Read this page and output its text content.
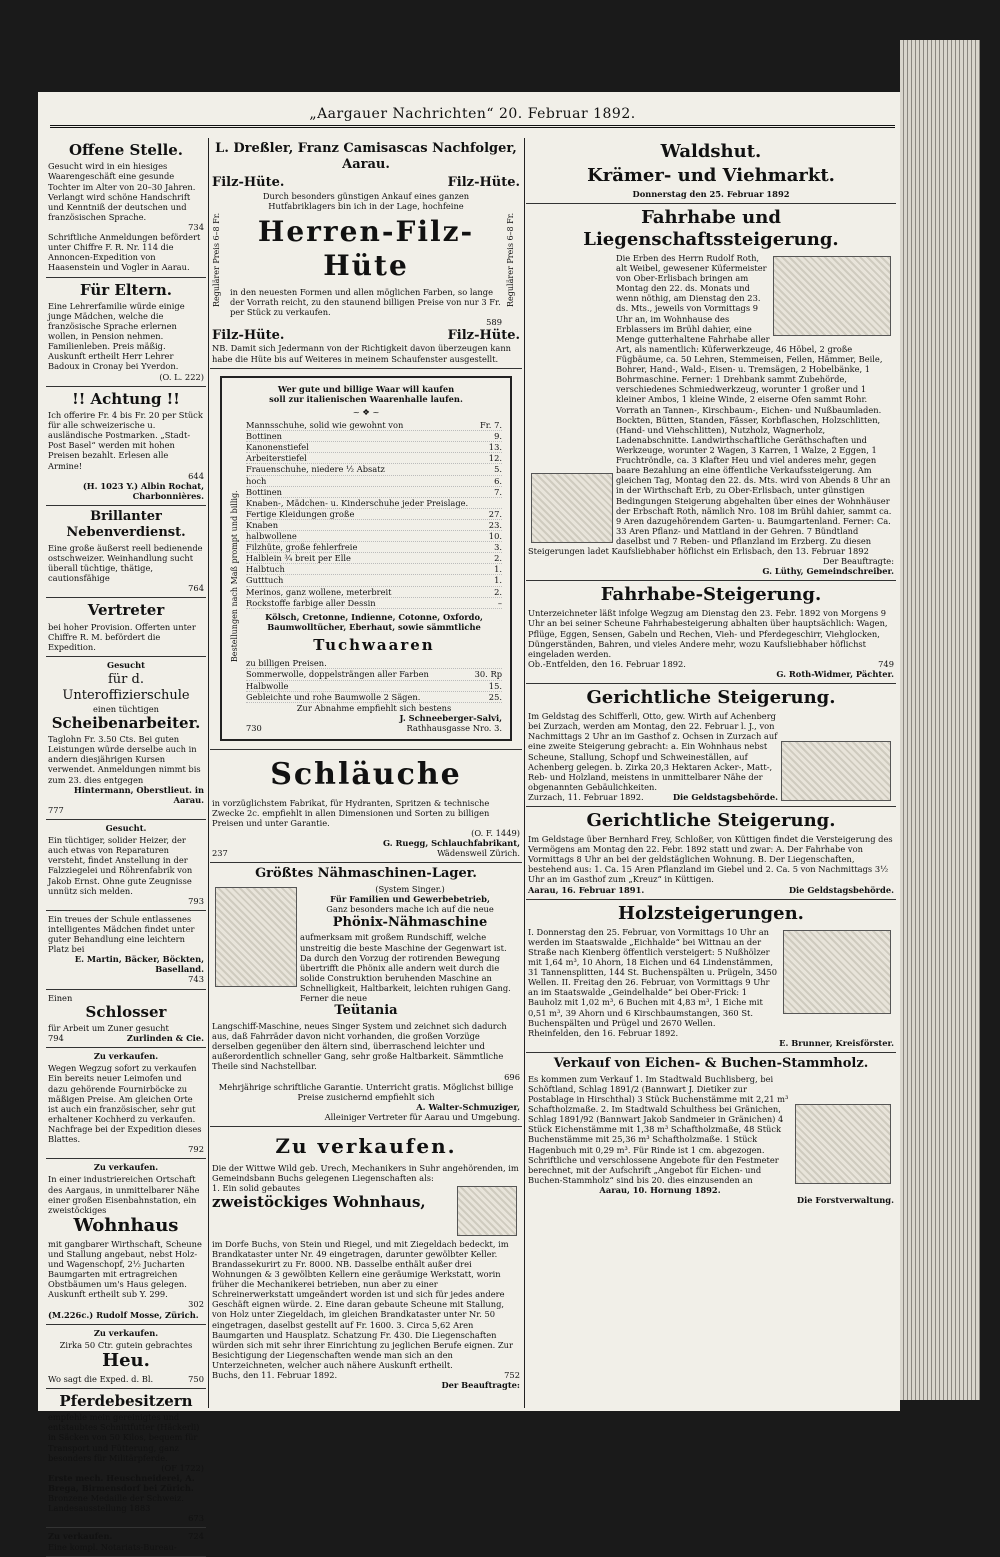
„Aargauer Nachrichten“ 20. Februar 1892.
Offene Stelle.
Gesucht wird in ein hiesiges Waarengeschäft eine gesunde Tochter im Alter von 20–30 Jahren. Verlangt wird schöne Handschrift und Kenntniß der deutschen und französischen Sprache.
734
Schriftliche Anmeldungen befördert unter Chiffre F. R. Nr. 114 die Annoncen-Expedition von Haasenstein und Vogler in Aarau.
Für Eltern.
Eine Lehrerfamilie würde einige junge Mädchen, welche die französische Sprache erlernen wollen, in Pension nehmen. Familienleben. Preis mäßig. Auskunft ertheilt Herr Lehrer Badoux in Cronay bei Yverdon.
(O. L. 222)
!! Achtung !!
Ich offerire Fr. 4 bis Fr. 20 per Stück für alle schweizerische u. ausländische Postmarken. „Stadt-Post Basel“ werden mit hohen Preisen bezahlt. Erlesen alle Armine!
644
(H. 1023 Y.) Albin Rochat, Charbonnières.
Brillanter Nebenverdienst.
Eine große äußerst reell bedienende ostschweizer. Weinhandlung sucht überall tüchtige, thätige, cautionsfähige
764
Vertreter
bei hoher Provision. Offerten unter Chiffre R. M. befördert die Expedition.
Gesucht
für d. Unteroffizierschule
einen tüchtigen
Scheibenarbeiter.
Taglohn Fr. 3.50 Cts. Bei guten Leistungen würde derselbe auch in andern diesjährigen Kursen verwendet. Anmeldungen nimmt bis zum 23. dies entgegen
Hintermann, Oberstlieut. in Aarau.
777
Gesucht.
Ein tüchtiger, solider Heizer, der auch etwas von Reparaturen versteht, findet Anstellung in der Falzziegelei und Röhrenfabrik von Jakob Ernst. Ohne gute Zeugnisse unnütz sich melden.
793
Ein treues der Schule entlassenes intelligentes Mädchen findet unter guter Behandlung eine leichtern Platz bei
E. Martin, Bäcker, Böckten, Baselland.
743
Einen
Schlosser
für Arbeit um Zuner gesucht
794	Zurlinden & Cie.
Zu verkaufen.
Wegen Wegzug sofort zu verkaufen Ein bereits neuer Leimofen und dazu gehörende Fournirböcke zu mäßigen Preise. Am gleichen Orte ist auch ein französischer, sehr gut erhaltener Kochherd zu verkaufen. Nachfrage bei der Expedition dieses Blattes.
792
Zu verkaufen.
In einer industriereichen Ortschaft des Aargaus, in unmittelbarer Nähe einer großen Eisenbahnstation, ein zweistöckiges
Wohnhaus
mit gangbarer Wirthschaft, Scheune und Stallung angebaut, nebst Holz- und Wagenschopf, 2½ Jucharten Baumgarten mit ertragreichen Obstbäumen um's Haus gelegen. Auskunft ertheilt sub Y. 299.
302
(M.226c.) Rudolf Mosse, Zürich.
Zu verkaufen.
Zirka 50 Ctr. gutein gebrachtes
Heu.
Wo sagt die Exped. d. Bl.	750
Pferdebesitzern
empfehle mein gereinigtes und entstaubtes Schnittfutter (Häckerli) in Säcken von 50 Kilos, bequem für Transport und Fütterung, ganz besonders für Militärpferde.
(OF 1722)
Erste mech. Heuschneiderei, A. Brega, Birmensdorf bei Zürich.
Bronzene Medaille der Schweiz. Landesausstellung 1883
673
Zu verkaufen.	724
Eine kompl. Notariats-Bureau-
L. Dreßler, Franz Camisascas Nachfolger, Aarau.
Filz-Hüte.	Filz-Hüte.
Regulärer Preis 6–8 Fr.
Durch besonders günstigen Ankauf eines ganzen Hutfabriklagers bin ich in der Lage, hochfeine
Herren-Filz-Hüte
in den neuesten Formen und allen möglichen Farben, so lange der Vorrath reicht, zu den staunend billigen Preise von nur 3 Fr. per Stück zu verkaufen.
589
Regulärer Preis 6–8 Fr.
Filz-Hüte.	Filz-Hüte.
NB. Damit sich Jedermann von der Richtigkeit davon überzeugen kann habe die Hüte bis auf Weiteres in meinem Schaufenster ausgestellt.
Wer gute und billige Waar will kaufen
soll zur italienischen Waarenhalle laufen.
~ ❖ ~
Bestellungen nach Maß prompt und billig.
Mannsschuhe, solid wie gewohnt von	Fr. 7.
Bottinen	9.
Kanonenstiefel	13.
Arbeiterstiefel	12.
Frauenschuhe, niedere ½ Absatz	5.
hoch	6.
Bottinen	7.
Knaben-, Mädchen- u. Kinderschuhe jeder Preislage.
Fertige Kleidungen große	27.
Knaben	23.
halbwollene	10.
Filzhüte, große fehlerfreie	3.
Halblein ¾ breit per Elle	2.
Halbtuch	1.
Gutttuch	1.
Merinos, ganz wollene, meterbreit	2.
Rockstoffe farbige aller Dessin	–
Kölsch, Cretonne, Indienne, Cotonne, Oxfordo, Baumwolltücher, Eberhaut, sowie sämmtliche
Tuchwaaren
zu billigen Preisen.
Sommerwolle, doppelsträngen aller Farben	30. Rp
Halbwolle	15.
Gebleichte und rohe Baumwolle 2 Sägen.	25.
Zur Abnahme empfiehlt sich bestens
J. Schneeberger-Salvi,
730	Rathhausgasse Nro. 3.
Schläuche
in vorzüglichstem Fabrikat, für Hydranten, Spritzen & technische Zwecke 2c. empfiehlt in allen Dimensionen und Sorten zu billigen Preisen und unter Garantie.
(O. F. 1449)
G. Ruegg, Schlauchfabrikant,
237	Wädensweil Zürich.
Größtes Nähmaschinen-Lager.
(System Singer.)
Für Familien und Gewerbebetrieb,
Ganz besonders mache ich auf die neue
Phönix-Nähmaschine
aufmerksam mit großem Rundschiff, welche unstreitig die beste Maschine der Gegenwart ist. Da durch den Vorzug der rotirenden Bewegung übertrifft die Phönix alle andern weit durch die solide Construktion beruhenden Maschine an Schnelligkeit, Haltbarkeit, leichten ruhigen Gang. Ferner die neue
Teütania
Langschiff-Maschine, neues Singer System und zeichnet sich dadurch aus, daß Fahrräder davon nicht vorhanden, die großen Vorzüge derselben gegenüber den ältern sind, überraschend leichter und außerordentlich schneller Gang, sehr große Haltbarkeit. Sämmtliche Theile sind Nachstellbar.
696
Mehrjährige schriftliche Garantie. Unterricht gratis. Möglichst billige Preise zusichernd empfiehlt sich
A. Walter-Schmuziger,
Alleiniger Vertreter für Aarau und Umgebung.
Zu verkaufen.
Die der Wittwe Wild geb. Urech, Mechanikers in Suhr angehörenden, im Gemeindsbann Buchs gelegenen Liegenschaften als:
1. Ein solid gebautes
zweistöckiges Wohnhaus,
im Dorfe Buchs, von Stein und Riegel, und mit Ziegeldach bedeckt, im Brandkataster unter Nr. 49 eingetragen, darunter gewölbter Keller. Brandassekurirt zu Fr. 8000. NB. Dasselbe enthält außer drei Wohnungen & 3 gewölbten Kellern eine geräumige Werkstatt, worin früher die Mechanikerei betrieben, nun aber zu einer Schreinerwerkstatt umgeändert worden ist und sich für jedes andere Geschäft eignen würde. 2. Eine daran gebaute Scheune mit Stallung, von Holz unter Ziegeldach, im gleichen Brandkataster unter Nr. 50 eingetragen, daselbst gestellt auf Fr. 1600. 3. Circa 5,62 Aren Baumgarten und Hausplatz. Schatzung Fr. 430. Die Liegenschaften würden sich mit sehr ihrer Einrichtung zu jeglichen Berufe eignen. Zur Besichtigung der Liegenschaften wende man sich an den Unterzeichneten, welcher auch nähere Auskunft ertheilt.
Buchs, den 11. Februar 1892.	752
Der Beauftragte:
Waldshut.
Krämer- und Viehmarkt.
Donnerstag den 25. Februar 1892
Fahrhabe und Liegenschaftssteigerung.
Die Erben des Herrn Rudolf Roth, alt Weibel, gewesener Küfermeister von Ober-Erlisbach bringen am Montag den 22. ds. Monats und wenn nöthig, am Dienstag den 23. ds. Mts., jeweils von Vormittags 9 Uhr an, im Wohnhause des Erblassers im Brühl dahier, eine Menge gutterhaltene Fahrhabe aller Art, als namentlich: Küferwerkzeuge, 46 Höbel, 2 große Fügbäume, ca. 50 Lehren, Stemmeisen, Feilen, Hämmer, Beile, Bohrer, Hand-, Wald-, Eisen- u. Tremsägen, 2 Hobelbänke, 1 Bohrmaschine. Ferner: 1 Drehbank sammt Zubehörde, verschiedenes Schmiedwerkzeug, worunter 1 großer und 1 kleiner Ambos, 1 kleine Winde, 2 eiserne Ofen sammt Rohr. Vorrath an Tannen-, Kirschbaum-, Eichen- und Nußbaumladen. Bockten, Bütten, Standen, Fässer, Korbflaschen, Holzschlitten, (Hand- und Viehschlitten), Nutzholz, Wagnerholz, Ladenabschnitte. Landwirthschaftliche Geräthschaften und Werkzeuge, worunter 2 Wagen, 3 Karren, 1 Walze, 2 Eggen, 1 Fruchtröndle, ca. 3 Klafter Heu und viel anderes mehr, gegen baare Bezahlung an eine öffentliche Verkaufssteigerung. Am gleichen Tag, Montag den 22. ds. Mts. wird von Abends 8 Uhr an in der Wirthschaft Erb, zu Ober-Erlisbach, unter günstigen Bedingungen Steigerung abgehalten über eines der Wohnhäuser der Erbschaft Roth, nämlich Nro. 108 im Brühl dahier, sammt ca. 9 Aren dazugehörendem Garten- u. Baumgartenland. Ferner: Ca. 33 Aren Pflanz- und Mattland in der Gehren. 7 Bündtland daselbst und 7 Reben- und Pflanzland im Erzberg. Zu diesen Steigerungen ladet Kaufsliebhaber höflichst ein Erlisbach, den 13. Februar 1892
Der Beauftragte:
G. Lüthy, Gemeindschreiber.
Fahrhabe-Steigerung.
Unterzeichneter läßt infolge Wegzug am Dienstag den 23. Febr. 1892 von Morgens 9 Uhr an bei seiner Scheune Fahrhabesteigerung abhalten über hauptsächlich: Wagen, Pflüge, Eggen, Sensen, Gabeln und Rechen, Vieh- und Pferdegeschirr, Viehglocken, Düngerständen, Bahren, und vieles Andere mehr, wozu Kaufsliebhaber höflichst eingeladen werden.
Ob.-Entfelden, den 16. Februar 1892.	749
G. Roth-Widmer, Pächter.
Gerichtliche Steigerung.
Im Geldstag des Schifferli, Otto, gew. Wirth auf Achenberg bei Zurzach, werden am Montag, den 22. Februar l. J., von Nachmittags 2 Uhr an im Gasthof z. Ochsen in Zurzach auf eine zweite Steigerung gebracht: a. Ein Wohnhaus nebst Scheune, Stallung, Schopf und Schweineställen, auf Achenberg gelegen. b. Zirka 20,3 Hektaren Acker-, Matt-, Reb- und Holzland, meistens in unmittelbarer Nähe der obgenannten Gebäulichkeiten.
Zurzach, 11. Februar 1892.	Die Geldstagsbehörde.
Gerichtliche Steigerung.
Im Geldstage über Bernhard Frey, Schloßer, von Küttigen findet die Versteigerung des Vermögens am Montag den 22. Febr. 1892 statt und zwar: A. Der Fahrhabe von Vormittags 8 Uhr an bei der geldstäglichen Wohnung. B. Der Liegenschaften, bestehend aus: 1. Ca. 15 Aren Pflanzland im Giebel und 2. Ca. 5 von Nachmittags 3½ Uhr an im Gasthof zum „Kreuz“ in Küttigen.
Aarau, 16. Februar 1891.	Die Geldstagsbehörde.
Holzsteigerungen.
I. Donnerstag den 25. Februar, von Vormittags 10 Uhr an werden im Staatswalde „Eichhalde“ bei Wittnau an der Straße nach Kienberg öffentlich versteigert: 5 Nußhölzer mit 1,64 m³, 10 Ahorn, 18 Eichen und 64 Lindenstämmen, 31 Tannensplitten, 144 St. Buchenspälten u. Prügeln, 3450 Wellen. II. Freitag den 26. Februar, von Vormittags 9 Uhr an im Staatswalde „Geindelhalde“ bei Ober-Frick: 1 Bauholz mit 1,02 m³, 6 Buchen mit 4,83 m³, 1 Eiche mit 0,51 m³, 39 Ahorn und 6 Kirschbaumstangen, 360 St. Buchenspälten und Prügel und 2670 Wellen.
Rheinfelden, den 16. Februar 1892.
E. Brunner, Kreisförster.
Verkauf von Eichen- & Buchen-Stammholz.
Es kommen zum Verkauf 1. Im Stadtwald Buchlisberg, bei Schöftland, Schlag 1891/2 (Bannwart J. Dietiker zur Postablage in Hirschthal) 3 Stück Buchenstämme mit 2,21 m³ Schaftholzmaße. 2. Im Stadtwald Schulthess bei Gränichen, Schlag 1891/92 (Bannwart Jakob Sandmeier in Gränichen) 4 Stück Eichenstämme mit 1,38 m³ Schaftholzmaße, 48 Stück Buchenstämme mit 25,36 m³ Schaftholzmaße. 1 Stück Hagenbuch mit 0,29 m³. Für Rinde ist 1 cm. abgezogen. Schriftliche und verschlossene Angebote für den Festmeter berechnet, mit der Aufschrift „Angebot für Eichen- und Buchen-Stammholz“ sind bis 20. dies einzusenden an
Aarau, 10. Hornung 1892.
Die Forstverwaltung.
